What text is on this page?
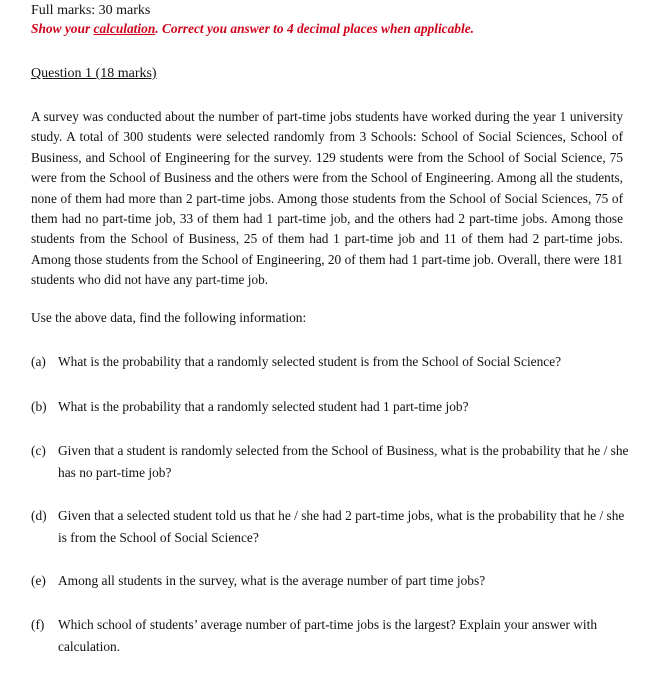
Full marks: 30 marks
Show your calculation. Correct you answer to 4 decimal places when applicable.
Question 1 (18 marks)
A survey was conducted about the number of part-time jobs students have worked during the year 1 university study. A total of 300 students were selected randomly from 3 Schools: School of Social Sciences, School of Business, and School of Engineering for the survey. 129 students were from the School of Social Science, 75 were from the School of Business and the others were from the School of Engineering. Among all the students, none of them had more than 2 part-time jobs. Among those students from the School of Social Sciences, 75 of them had no part-time job, 33 of them had 1 part-time job, and the others had 2 part-time jobs. Among those students from the School of Business, 25 of them had 1 part-time job and 11 of them had 2 part-time jobs. Among those students from the School of Engineering, 20 of them had 1 part-time job. Overall, there were 181 students who did not have any part-time job.
Use the above data, find the following information:
(a) What is the probability that a randomly selected student is from the School of Social Science?
(b) What is the probability that a randomly selected student had 1 part-time job?
(c) Given that a student is randomly selected from the School of Business, what is the probability that he / she has no part-time job?
(d) Given that a selected student told us that he / she had 2 part-time jobs, what is the probability that he / she is from the School of Social Science?
(e) Among all students in the survey, what is the average number of part time jobs?
(f) Which school of students’ average number of part-time jobs is the largest? Explain your answer with calculation.
